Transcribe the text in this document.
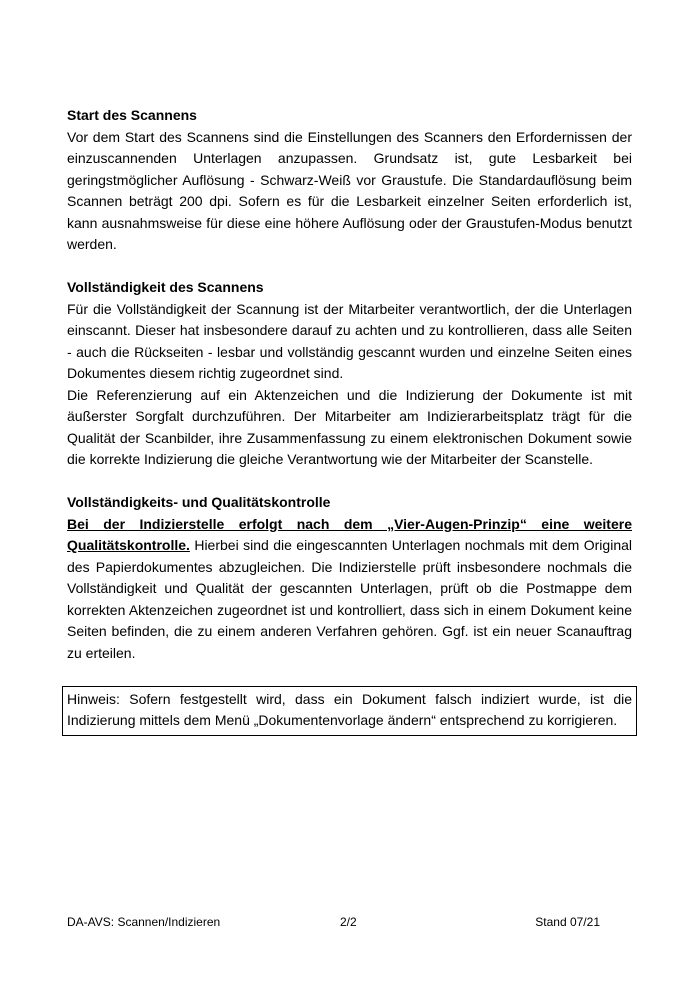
Start des Scannens

Vor dem Start des Scannens sind die Einstellungen des Scanners den Erfordernissen der einzuscannenden Unterlagen anzupassen. Grundsatz ist, gute Lesbarkeit bei geringstmöglicher Auflösung - Schwarz-Weiß vor Graustufe. Die Standardauflösung beim Scannen beträgt 200 dpi. Sofern es für die Lesbarkeit einzelner Seiten erforderlich ist, kann ausnahmsweise für diese eine höhere Auflösung oder der Graustufen-Modus benutzt werden.

Vollständigkeit des Scannens

Für die Vollständigkeit der Scannung ist der Mitarbeiter verantwortlich, der die Unterlagen einscannt. Dieser hat insbesondere darauf zu achten und zu kontrollieren, dass alle Seiten - auch die Rückseiten - lesbar und vollständig gescannt wurden und einzelne Seiten eines Dokumentes diesem richtig zugeordnet sind.

Die Referenzierung auf ein Aktenzeichen und die Indizierung der Dokumente ist mit äußerster Sorgfalt durchzuführen. Der Mitarbeiter am Indizierarbeitsplatz trägt für die Qualität der Scanbilder, ihre Zusammenfassung zu einem elektronischen Dokument sowie die korrekte Indizierung die gleiche Verantwortung wie der Mitarbeiter der Scanstelle.

Vollständigkeits- und Qualitätskontrolle

Bei der Indizierstelle erfolgt nach dem „Vier-Augen-Prinzip“ eine weitere Qualitätskontrolle. Hierbei sind die eingescannten Unterlagen nochmals mit dem Original des Papierdokumentes abzugleichen. Die Indizierstelle prüft insbesondere nochmals die Vollständigkeit und Qualität der gescannten Unterlagen, prüft ob die Postmappe dem korrekten Aktenzeichen zugeordnet ist und kontrolliert, dass sich in einem Dokument keine Seiten befinden, die zu einem anderen Verfahren gehören. Ggf. ist ein neuer Scanauftrag zu erteilen.

Hinweis: Sofern festgestellt wird, dass ein Dokument falsch indiziert wurde, ist die Indizierung mittels dem Menü „Dokumentenvorlage ändern“ entsprechend zu korrigieren.

DA-AVS: Scannen/Indizieren	2/2	Stand 07/21
